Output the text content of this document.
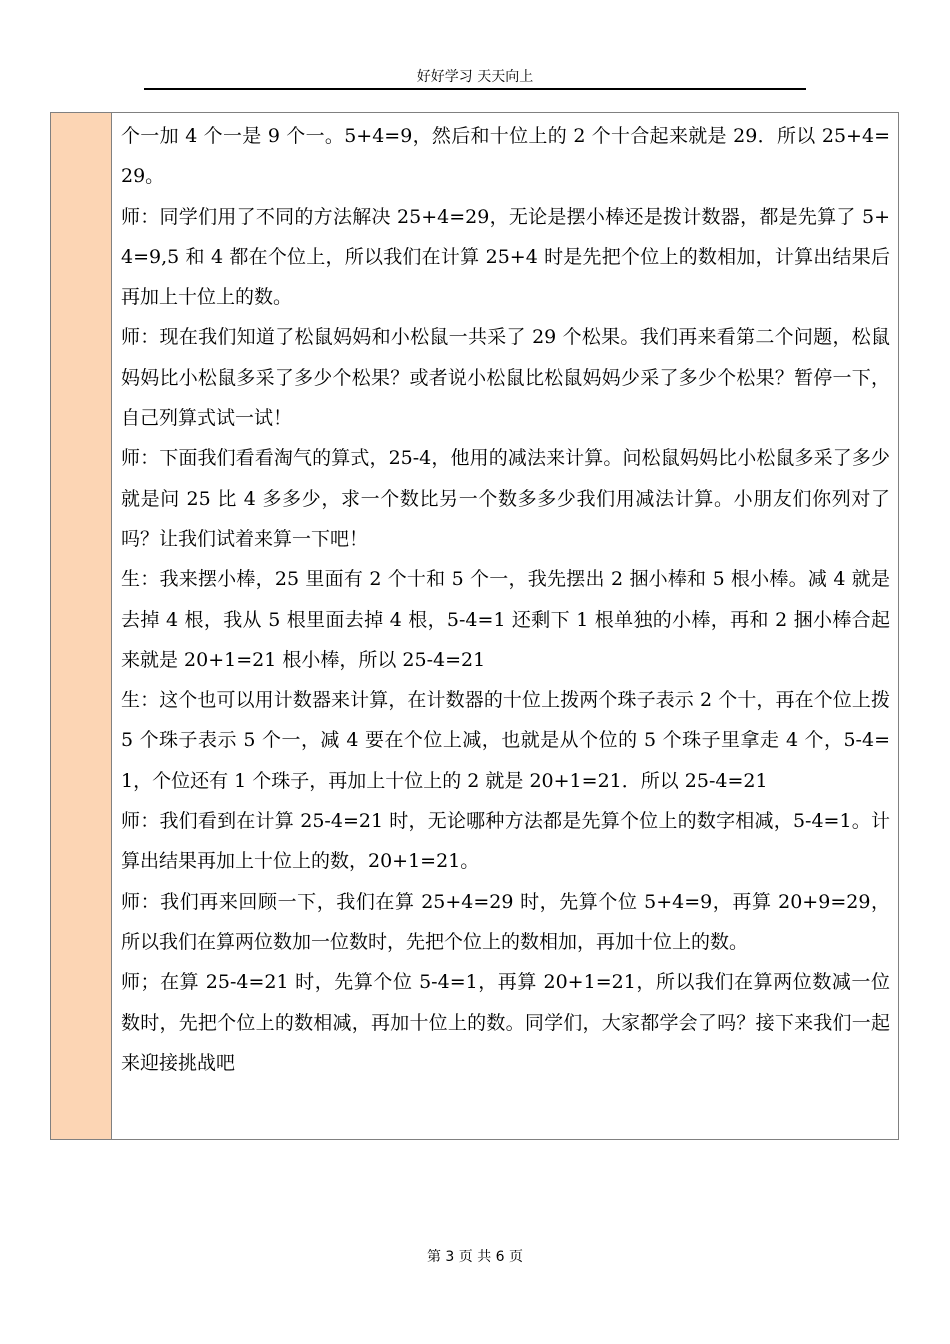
好好学习 天天向上

个一加 4 个一是 9 个一。5+4=9，然后和十位上的 2 个十合起来就是 29．所以 25+4=29。

师：同学们用了不同的方法解决 25+4=29，无论是摆小棒还是拨计数器，都是先算了 5+4=9,5 和 4 都在个位上，所以我们在计算 25+4 时是先把个位上的数相加，计算出结果后再加上十位上的数。

师：现在我们知道了松鼠妈妈和小松鼠一共采了 29 个松果。我们再来看第二个问题，松鼠妈妈比小松鼠多采了多少个松果？或者说小松鼠比松鼠妈妈少采了多少个松果？暂停一下，自己列算式试一试！

师：下面我们看看淘气的算式，25-4，他用的减法来计算。问松鼠妈妈比小松鼠多采了多少就是问 25 比 4 多多少，求一个数比另一个数多多少我们用减法计算。小朋友们你列对了吗？让我们试着来算一下吧！

生：我来摆小棒，25 里面有 2 个十和 5 个一，我先摆出 2 捆小棒和 5 根小棒。减 4 就是去掉 4 根，我从 5 根里面去掉 4 根，5-4=1 还剩下 1 根单独的小棒，再和 2 捆小棒合起来就是 20+1=21 根小棒，所以 25-4=21

生：这个也可以用计数器来计算，在计数器的十位上拨两个珠子表示 2 个十，再在个位上拨 5 个珠子表示 5 个一，减 4 要在个位上减，也就是从个位的 5 个珠子里拿走 4 个，5-4=1，个位还有 1 个珠子，再加上十位上的 2 就是 20+1=21．所以 25-4=21

师：我们看到在计算 25-4=21 时，无论哪种方法都是先算个位上的数字相减，5-4=1。计算出结果再加上十位上的数，20+1=21。

师：我们再来回顾一下，我们在算 25+4=29 时，先算个位 5+4=9，再算 20+9=29，所以我们在算两位数加一位数时，先把个位上的数相加，再加十位上的数。

师；在算 25-4=21 时，先算个位 5-4=1，再算 20+1=21，所以我们在算两位数减一位数时，先把个位上的数相减，再加十位上的数。同学们，大家都学会了吗？接下来我们一起来迎接挑战吧

第 3 页 共 6 页
